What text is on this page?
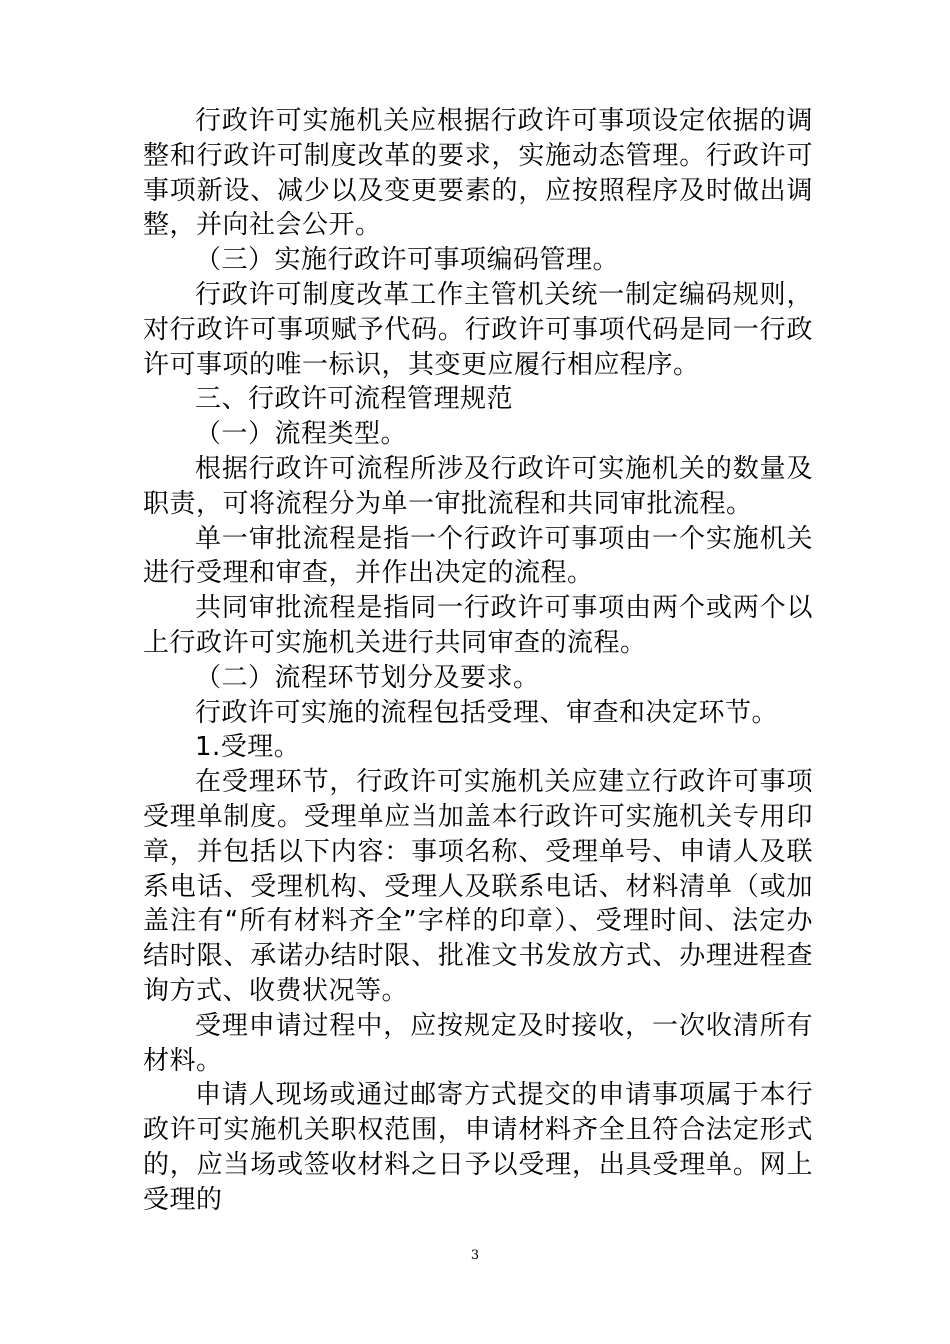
行政许可实施机关应根据行政许可事项设定依据的调整和行政许可制度改革的要求，实施动态管理。行政许可事项新设、减少以及变更要素的，应按照程序及时做出调整，并向社会公开。

（三）实施行政许可事项编码管理。

行政许可制度改革工作主管机关统一制定编码规则，对行政许可事项赋予代码。行政许可事项代码是同一行政许可事项的唯一标识，其变更应履行相应程序。

三、行政许可流程管理规范

（一）流程类型。

根据行政许可流程所涉及行政许可实施机关的数量及职责，可将流程分为单一审批流程和共同审批流程。

单一审批流程是指一个行政许可事项由一个实施机关进行受理和审查，并作出决定的流程。

共同审批流程是指同一行政许可事项由两个或两个以上行政许可实施机关进行共同审查的流程。

（二）流程环节划分及要求。

行政许可实施的流程包括受理、审查和决定环节。

1.受理。

在受理环节，行政许可实施机关应建立行政许可事项受理单制度。受理单应当加盖本行政许可实施机关专用印章，并包括以下内容：事项名称、受理单号、申请人及联系电话、受理机构、受理人及联系电话、材料清单（或加盖注有“所有材料齐全”字样的印章）、受理时间、法定办结时限、承诺办结时限、批准文书发放方式、办理进程查询方式、收费状况等。

受理申请过程中，应按规定及时接收，一次收清所有材料。

申请人现场或通过邮寄方式提交的申请事项属于本行政许可实施机关职权范围，申请材料齐全且符合法定形式的，应当场或签收材料之日予以受理，出具受理单。网上受理的

3
